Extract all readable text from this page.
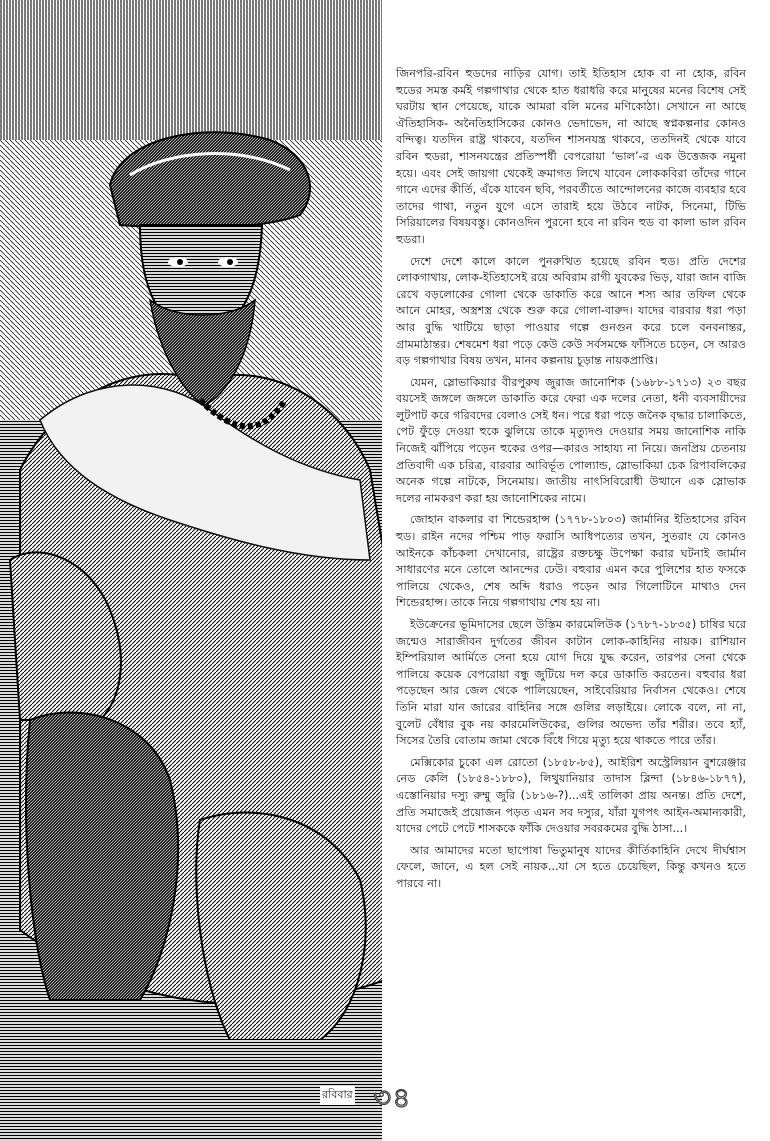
জিনপরি-রবিন হুডদের নাড়ির যোগ। তাই ইতিহাস হোক বা না হোক, রবিন হুডের সমস্ত কর্মই গল্পগাথার থেকে হাত ধরাধরি করে মানুষের মনের বিশেষ সেই ঘরটায় স্থান পেয়েছে, যাকে আমরা বলি মনের মণিকোঠা। সেখানে না আছে ঐতিহাসিক- অনৈতিহাসিকের কোনও ভেদাভেদ, না আছে স্বপ্নকল্পনার কোনও বন্দিত্ব। যতদিন রাষ্ট্র থাকবে, যতদিন শাসনযন্ত্র থাকবে, ততদিনই থেকে যাবে রবিন হুডরা, শাসনযন্ত্রের প্রতিস্পর্ধী বেপরোয়া ‘ভাল’-র এক উত্তেজক নমুনা হয়ে। এবং সেই জায়গা থেকেই ক্রমাগত লিখে যাবেন লোককবিরা তাঁদের গানে গানে এদের কীর্তি, এঁকে যাবেন ছবি, পরবর্তীতে আন্দোলনের কাজে ব্যবহার হবে তাদের গাথা, নতুন যুগে এসে তারাই হয়ে উঠবে নাটক, সিনেমা, টিভি সিরিয়ালের বিষয়বস্তু। কোনওদিন পুরনো হবে না রবিন হুড বা কালা ভাল রবিন হুডরা।

দেশে দেশে কালে কালে পুনরুত্থিত হয়েছে রবিন হুড। প্রতি দেশের লোকগাথায়, লোক-ইতিহাসেই রয়ে অবিরাম রাগী যুবকের ভিড়, যারা জান বাজি রেখে বড়লোকের গোলা থেকে ডাকাতি করে আনে শস্য আর তফিল থেকে আনে মোহর, অস্ত্রশস্ত্র থেকে শুরু করে গোলা-বারুদ। যাদের বারবার ধরা পড়া আর বুদ্ধি খাটিয়ে ছাড়া পাওয়ার গল্পে গুনগুন করে চলে বনবনান্তর, গ্রামমাঠান্তর। শেষমেশ ধরা পড়ে কেউ কেউ সর্বসমক্ষে ফাঁসিতে চড়েন, সে আরও বড় গল্পগাথার বিষয় তখন, মানব কল্পনায় চূড়ান্ত নায়কপ্রাপ্তি।

যেমন, স্লোভাকিয়ার বীরপুরুষ জুরাজ জানোশিক (১৬৮৮-১৭১৩) ২৩ বছর বয়সেই জঙ্গলে জঙ্গলে ডাকাতি করে ফেরা এক দলের নেতা, ধনী ব্যবসায়ীদের লুটপাট করে গরিবদের বেলাও সেই ধন। পরে ধরা পড়ে জনৈক বৃদ্ধার চালাকিতে, পেট ফুঁড়ে দেওয়া হুকে ঝুলিয়ে তাকে মৃত্যুদণ্ড দেওয়ার সময় জানোশিক নাকি নিজেই ঝাঁপিয়ে পড়েন হুকের ওপর—কারও সাহায্য না নিয়ে। জনপ্রিয় চেতনায় প্রতিবাদী এক চরিত্র, বারবার আবির্ভূত পোল্যান্ড, স্লোভাকিয়া চেক রিপাবলিকের অনেক গল্পে নাটকে, সিনেমায়। জাতীয় নাৎসিবিরোধী উত্থানে এক স্লোভাক দলের নামকরণ করা হয় জানোশিকের নামে।

জোহান বাকলার বা শিন্ডেরহান্স (১৭৭৮-১৮০৩) জার্মানির ইতিহাসের রবিন হুড। রাইন নদের পশ্চিম পাড় ফরাসি আধিপত্যের তখন, সুতরাং যে কোনও আইনকে কাঁচকলা দেখানোর, রাষ্ট্রের রক্তচক্ষু উপেক্ষা করার ঘটনাই জার্মান সাধারণের মনে তোলে আনন্দের ঢেউ। বহুবার এমন করে পুলিশের হাত ফসকে পালিয়ে থেকেও, শেষ অব্দি ধরাও পড়েন আর গিলোটিনে মাথাও দেন শিন্ডেরহান্স। তাকে নিয়ে গল্পগাথায় শেষ হয় না।

ইউক্রেনের ভূমিদাসের ছেলে উস্তিম কারমেলিউক (১৭৮৭-১৮৩৫) চাষির ঘরে জন্মেও সারাজীবন দুর্গতের জীবন কাটান লোক-কাহিনির নায়ক। রাশিয়ান ইম্পিরিয়াল আর্মিতে সেনা হয়ে যোগ দিয়ে যুদ্ধ করেন, তারপর সেনা থেকে পালিয়ে কয়েক বেপরোয়া বন্ধু জুটিয়ে দল করে ডাকাতি করতেন। বহুবার ধরা পড়েছেন আর জেল থেকে পালিয়েছেন, সাইবেরিয়ার নির্বাসন থেকেও। শেষে তিনি মারা যান জারের বাহিনির সঙ্গে গুলির লড়াইয়ে। লোকে বলে, না না, বুলেট বেঁধার বুক নয় কারমেলিউকের, গুলির অভেদ্য তাঁর শরীর। তবে হ্যাঁ, সিসের তৈরি বোতাম জামা থেকে বিঁধে গিয়ে মৃত্যু হয়ে থাকতে পারে তাঁর।

মেক্সিকোর চুকো এল রোতো (১৮৫৮-৮৫), আইরিশ অস্ট্রেলিয়ান বুশরেঞ্জার নেড কেলি (১৮৫৪-১৮৮০), লিথুয়ানিয়ার তাদাস ব্লিন্দা (১৮৪৬-১৮৭৭), এস্তোনিয়ার দস্যু রুম্মু জুরি (১৮১৬-?)...এই তালিকা প্রায় অনন্ত। প্রতি দেশে, প্রতি সমাজেই প্রয়োজন পড়ত এমন সব দস্যুর, যাঁরা যুগপৎ আইন-অমান্যকারী, যাদের পেটে পেটে শাসককে ফাঁকি দেওয়ার সবরকমের বুদ্ধি ঠাসা...।

আর আমাদের মতো ছাপোষা ভিতুমানুষ যাদের কীর্তিকাহিনি দেখে দীর্ঘশ্বাস ফেলে, জানে, এ হল সেই নায়ক...যা সে হতে চেয়েছিল, কিন্তু কখনও হতে পারবে না।

রবিবার ৩৪
